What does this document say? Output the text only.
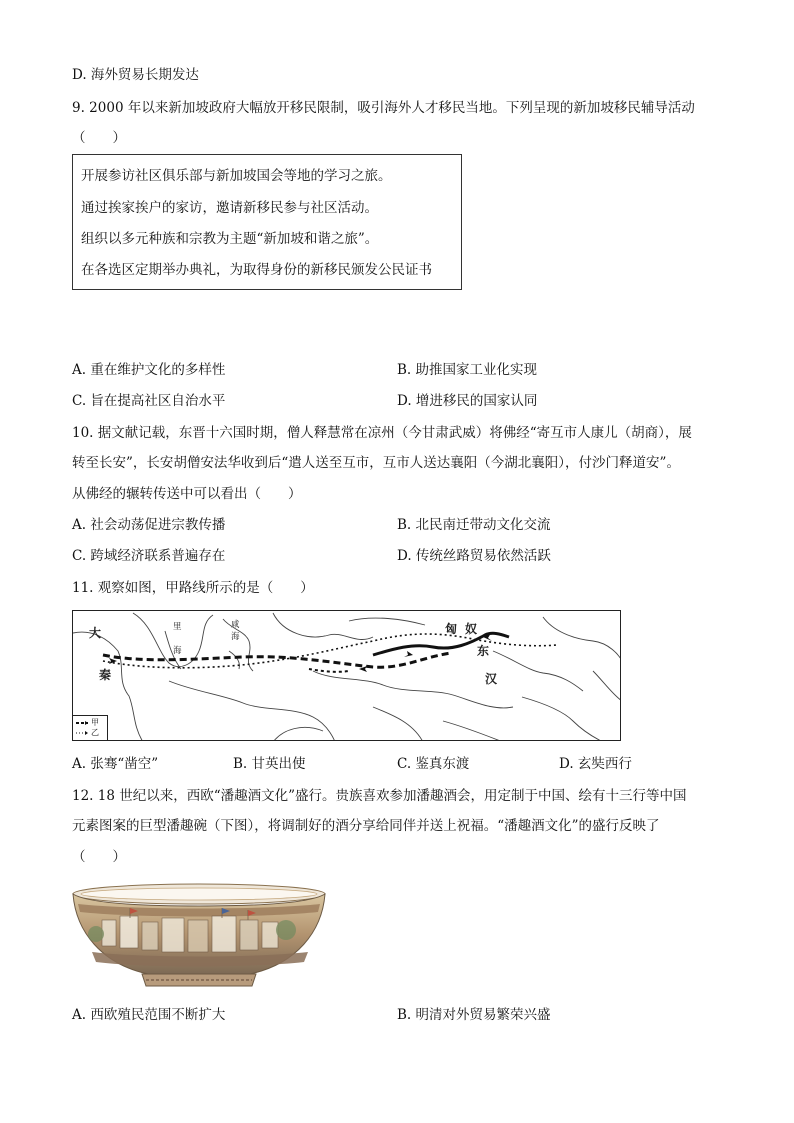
D. 海外贸易长期发达
9. 2000 年以来新加坡政府大幅放开移民限制，吸引海外人才移民当地。下列呈现的新加坡移民辅导活动
（　　）
开展参访社区俱乐部与新加坡国会等地的学习之旅。
通过挨家挨户的家访，邀请新移民参与社区活动。
组织以多元种族和宗教为主题“新加坡和谐之旅”。
在各选区定期举办典礼，为取得身份的新移民颁发公民证书
A. 重在维护文化的多样性	B. 助推国家工业化实现
C. 旨在提高社区自治水平	D. 增进移民的国家认同
10. 据文献记载，东晋十六国时期，僧人释慧常在凉州（今甘肃武威）将佛经“寄互市人康儿（胡商），展
转至长安”，长安胡僧安法华收到后“遣人送至互市，互市人送达襄阳（今湖北襄阳），付沙门释道安”。
从佛经的辗转传送中可以看出（　　）
A. 社会动荡促进宗教传播	B. 北民南迁带动文化交流
C. 跨域经济联系普遍存在	D. 传统丝路贸易依然活跃
11. 观察如图，甲路线所示的是（　　）
大
秦
里
海
咸海
匈 奴
东
汉
甲
乙
A. 张骞“凿空”	B. 甘英出使	C. 鉴真东渡	D. 玄奘西行
12. 18 世纪以来，西欧“潘趣酒文化”盛行。贵族喜欢参加潘趣酒会，用定制于中国、绘有十三行等中国
元素图案的巨型潘趣碗（下图），将调制好的酒分享给同伴并送上祝福。“潘趣酒文化”的盛行反映了
（　　）
A. 西欧殖民范围不断扩大	B. 明清对外贸易繁荣兴盛
